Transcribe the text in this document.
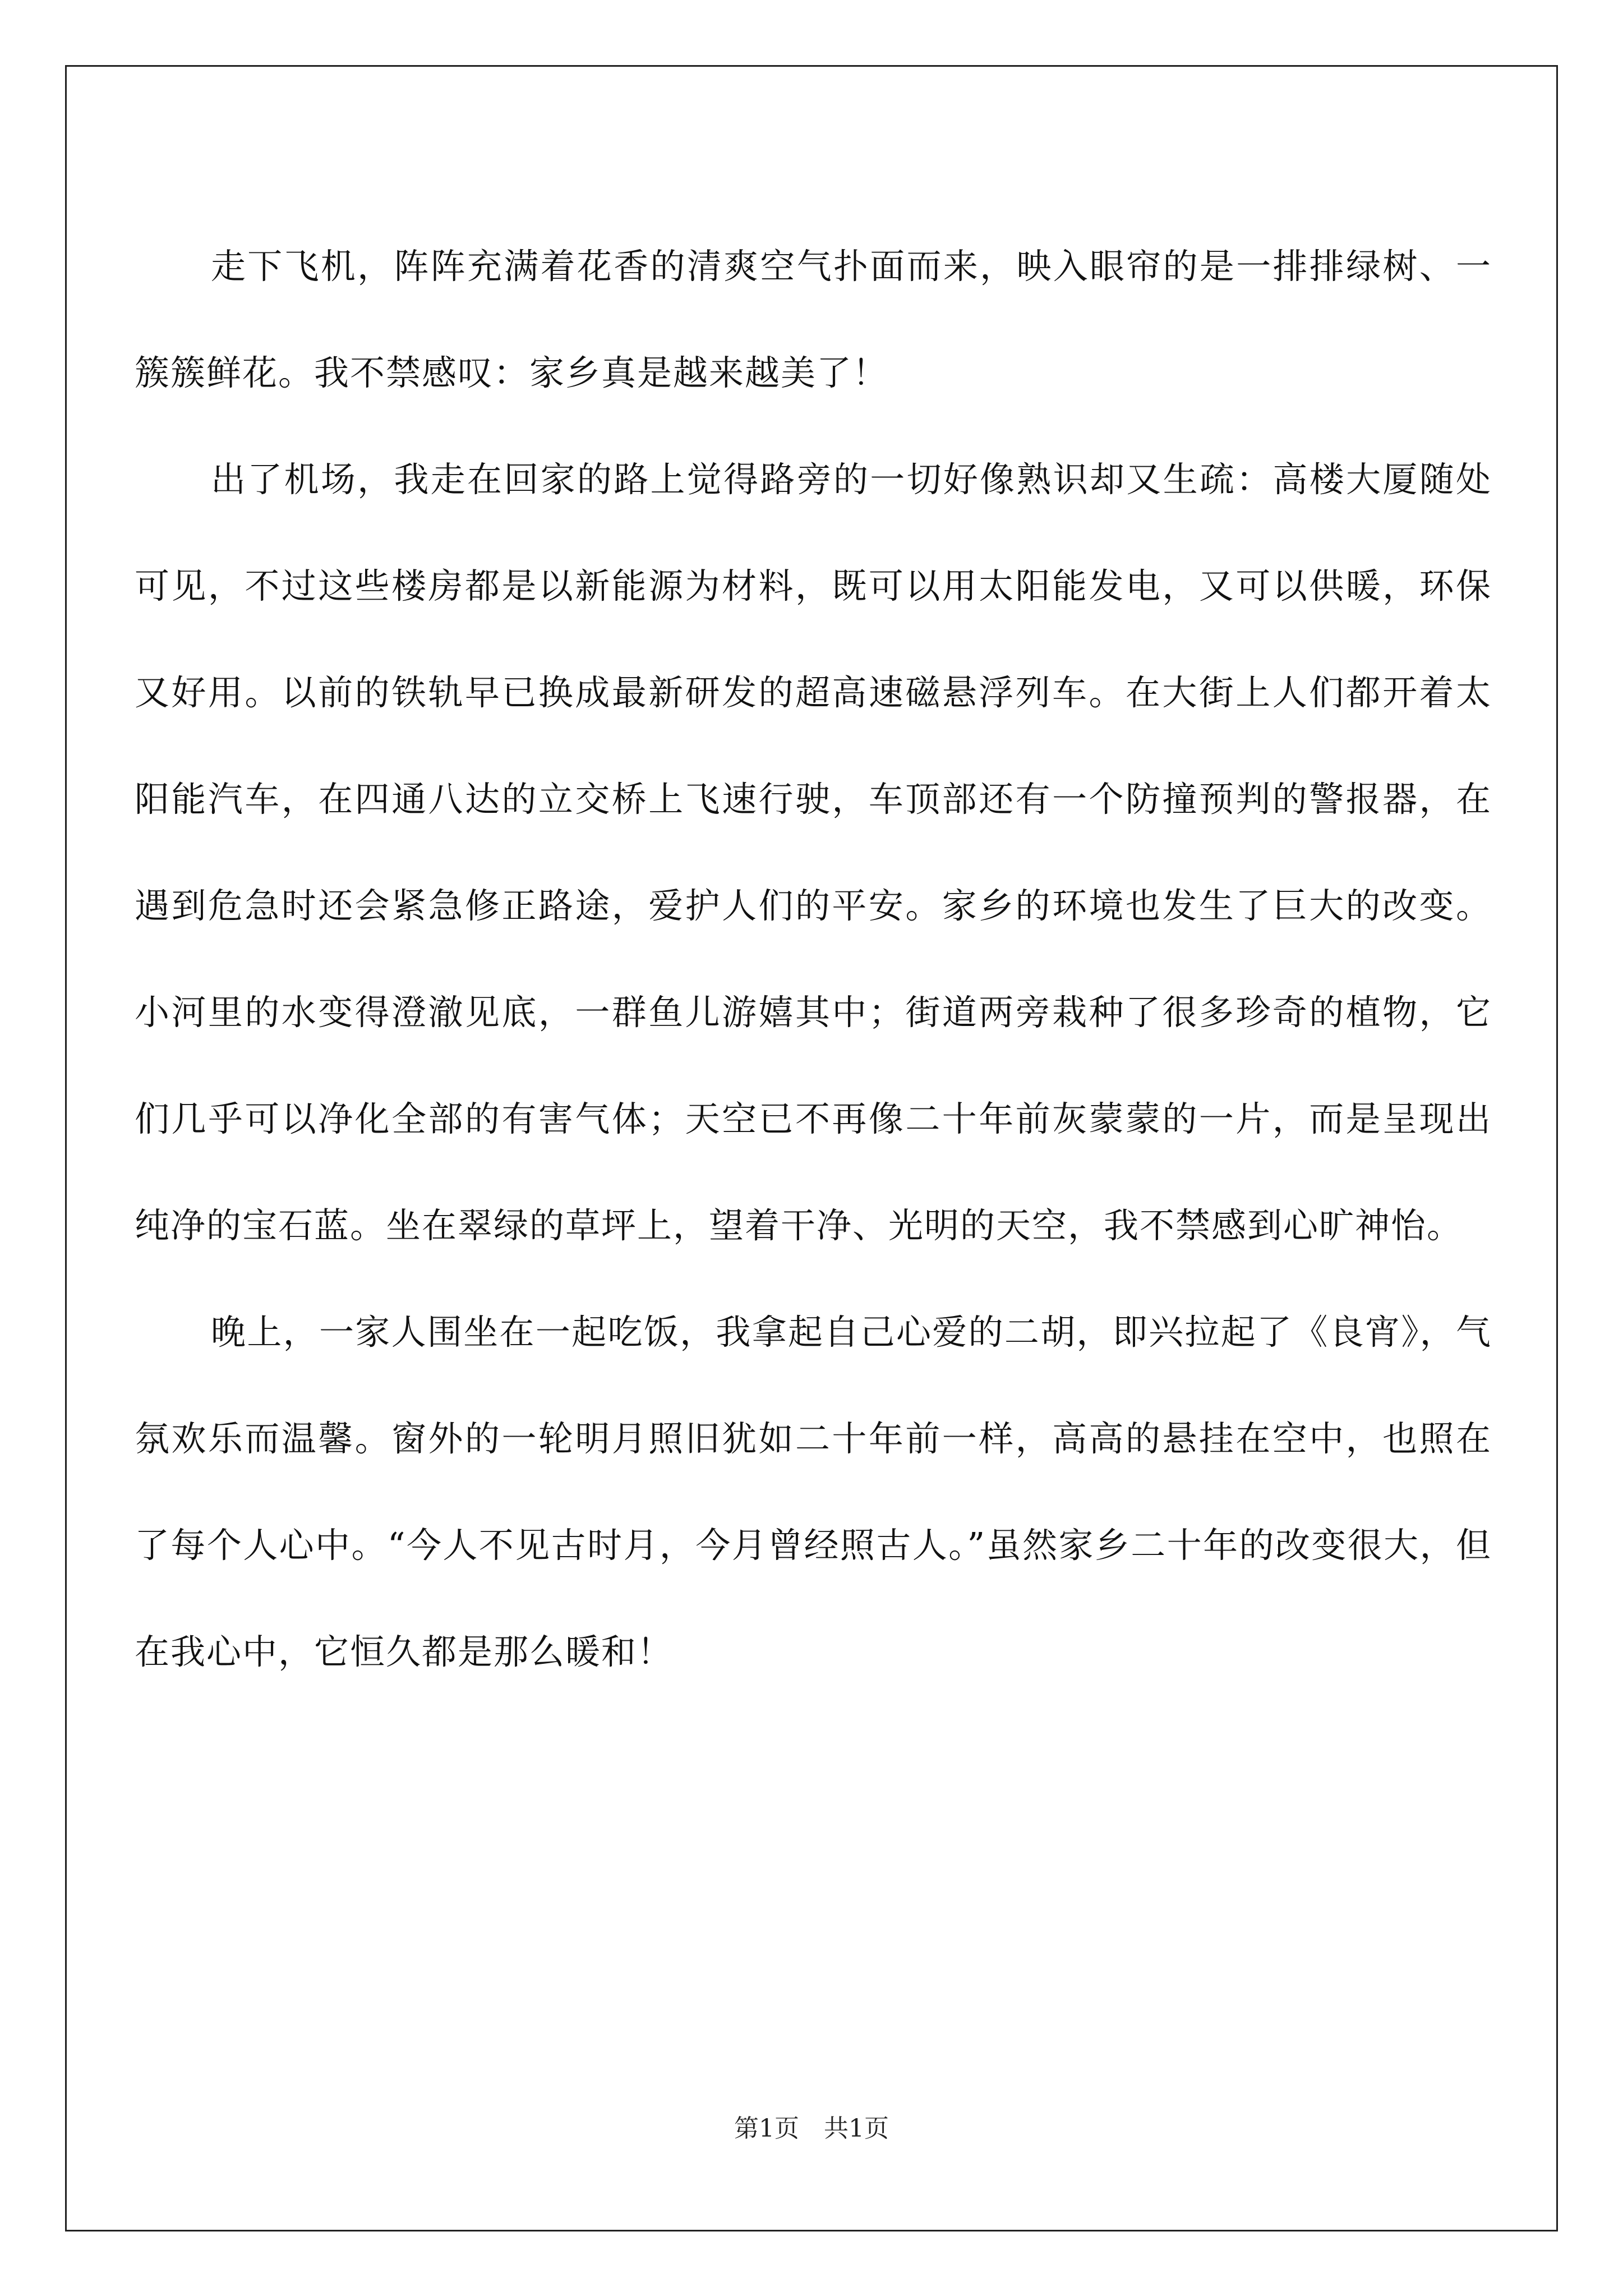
走下飞机，阵阵充满着花香的清爽空气扑面而来，映入眼帘的是一排排绿树、一簇簇鲜花。我不禁感叹：家乡真是越来越美了！

出了机场，我走在回家的路上觉得路旁的一切好像熟识却又生疏：高楼大厦随处可见，不过这些楼房都是以新能源为材料，既可以用太阳能发电，又可以供暖，环保又好用。以前的铁轨早已换成最新研发的超高速磁悬浮列车。在大街上人们都开着太阳能汽车，在四通八达的立交桥上飞速行驶，车顶部还有一个防撞预判的警报器，在遇到危急时还会紧急修正路途，爱护人们的平安。家乡的环境也发生了巨大的改变。小河里的水变得澄澈见底，一群鱼儿游嬉其中；街道两旁栽种了很多珍奇的植物，它们几乎可以净化全部的有害气体；天空已不再像二十年前灰蒙蒙的一片，而是呈现出纯净的宝石蓝。坐在翠绿的草坪上，望着干净、光明的天空，我不禁感到心旷神怡。

晚上，一家人围坐在一起吃饭，我拿起自己心爱的二胡，即兴拉起了《良宵》，气氛欢乐而温馨。窗外的一轮明月照旧犹如二十年前一样，高高的悬挂在空中，也照在了每个人心中。“今人不见古时月，今月曾经照古人。”虽然家乡二十年的改变很大，但在我心中，它恒久都是那么暖和！

第1页　共1页
